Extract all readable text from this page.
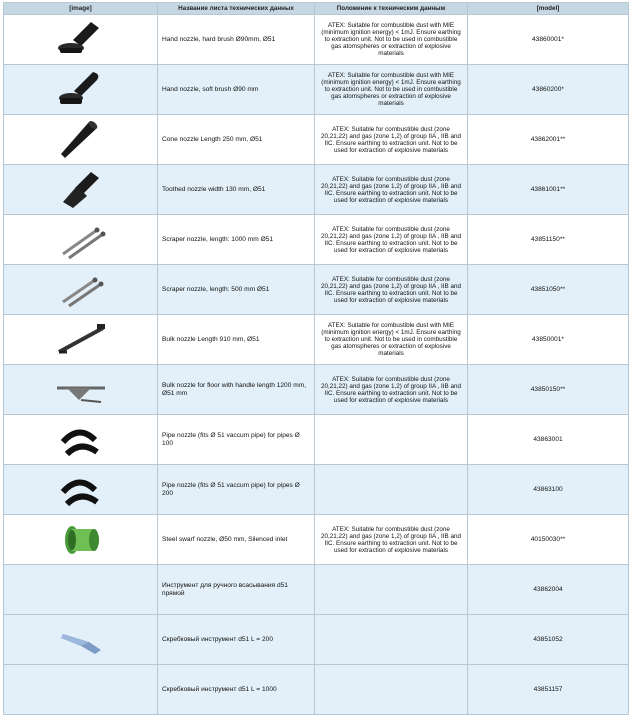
[image]	Название листа технических данных	Положение к техническим данным	[model]

	Hand nozzle, hard brush Ø90mm, Ø51	ATEX: Suitable for combustible dust with MIE (minimum ignition energy) < 1mJ. Ensure earthing to extraction unit. Not to be used in combustible gas atomspheres or extraction of explosive materials	43860001*

	Hand nozzle, soft brush Ø90 mm	ATEX: Suitable for combustible dust with MIE (minimum ignition energy) < 1mJ. Ensure earthing to extraction unit. Not to be used in combustible gas atomspheres or extraction of explosive materials	43860200*

	Cone nozzle Length 250 mm, Ø51	ATEX: Suitable for combustible dust (zone 20,21,22) and gas (zone 1,2) of group IIA , IIB and IIC. Ensure earthing to extraction unit. Not to be used for extraction of explosive materials	43862001**

	Toothed nozzle width 130 mm, Ø51	ATEX: Suitable for combustible dust (zone 20,21,22) and gas (zone 1,2) of group IIA , IIB and IIC. Ensure earthing to extraction unit. Not to be used for extraction of explosive materials	43861001**

	Scraper nozzle, length: 1000 mm Ø51	ATEX: Suitable for combustible dust (zone 20,21,22) and gas (zone 1,2) of group IIA , IIB and IIC. Ensure earthing to extraction unit. Not to be used for extraction of explosive materials	43851150**

	Scraper nozzle, length: 500 mm Ø51	ATEX: Suitable for combustible dust (zone 20,21,22) and gas (zone 1,2) of group IIA , IIB and IIC. Ensure earthing to extraction unit. Not to be used for extraction of explosive materials	43851050**

	Bulk nozzle Length 910 mm, Ø51	ATEX: Suitable for combustible dust with MIE (minimum ignition energy) < 1mJ. Ensure earthing to extraction unit. Not to be used in combustible gas atomspheres or extraction of explosive materials	43850001*

	Bulk nozzle for floor with handle length 1200 mm, Ø51 mm	ATEX: Suitable for combustible dust (zone 20,21,22) and gas (zone 1,2) of group IIA , IIB and IIC. Ensure earthing to extraction unit. Not to be used for extraction of explosive materials	43850150**

	Pipe nozzle (fits Ø 51 vaccum pipe) for pipes Ø 100		43863001

	Pipe nozzle (fits Ø 51 vaccum pipe) for pipes Ø 200		43863100

	Steel swarf nozzle, Ø50 mm, Silenced inlet	ATEX: Suitable for combustible dust (zone 20,21,22) and gas (zone 1,2) of group IIA , IIB and IIC. Ensure earthing to extraction unit. Not to be used for extraction of explosive materials	40150030**
	Инструмент для ручного всасывания d51 прямой		43862004

	Скребковый инструмент d51 L = 200		43851052
	Скребковый инструмент d51 L = 1000		43851157
